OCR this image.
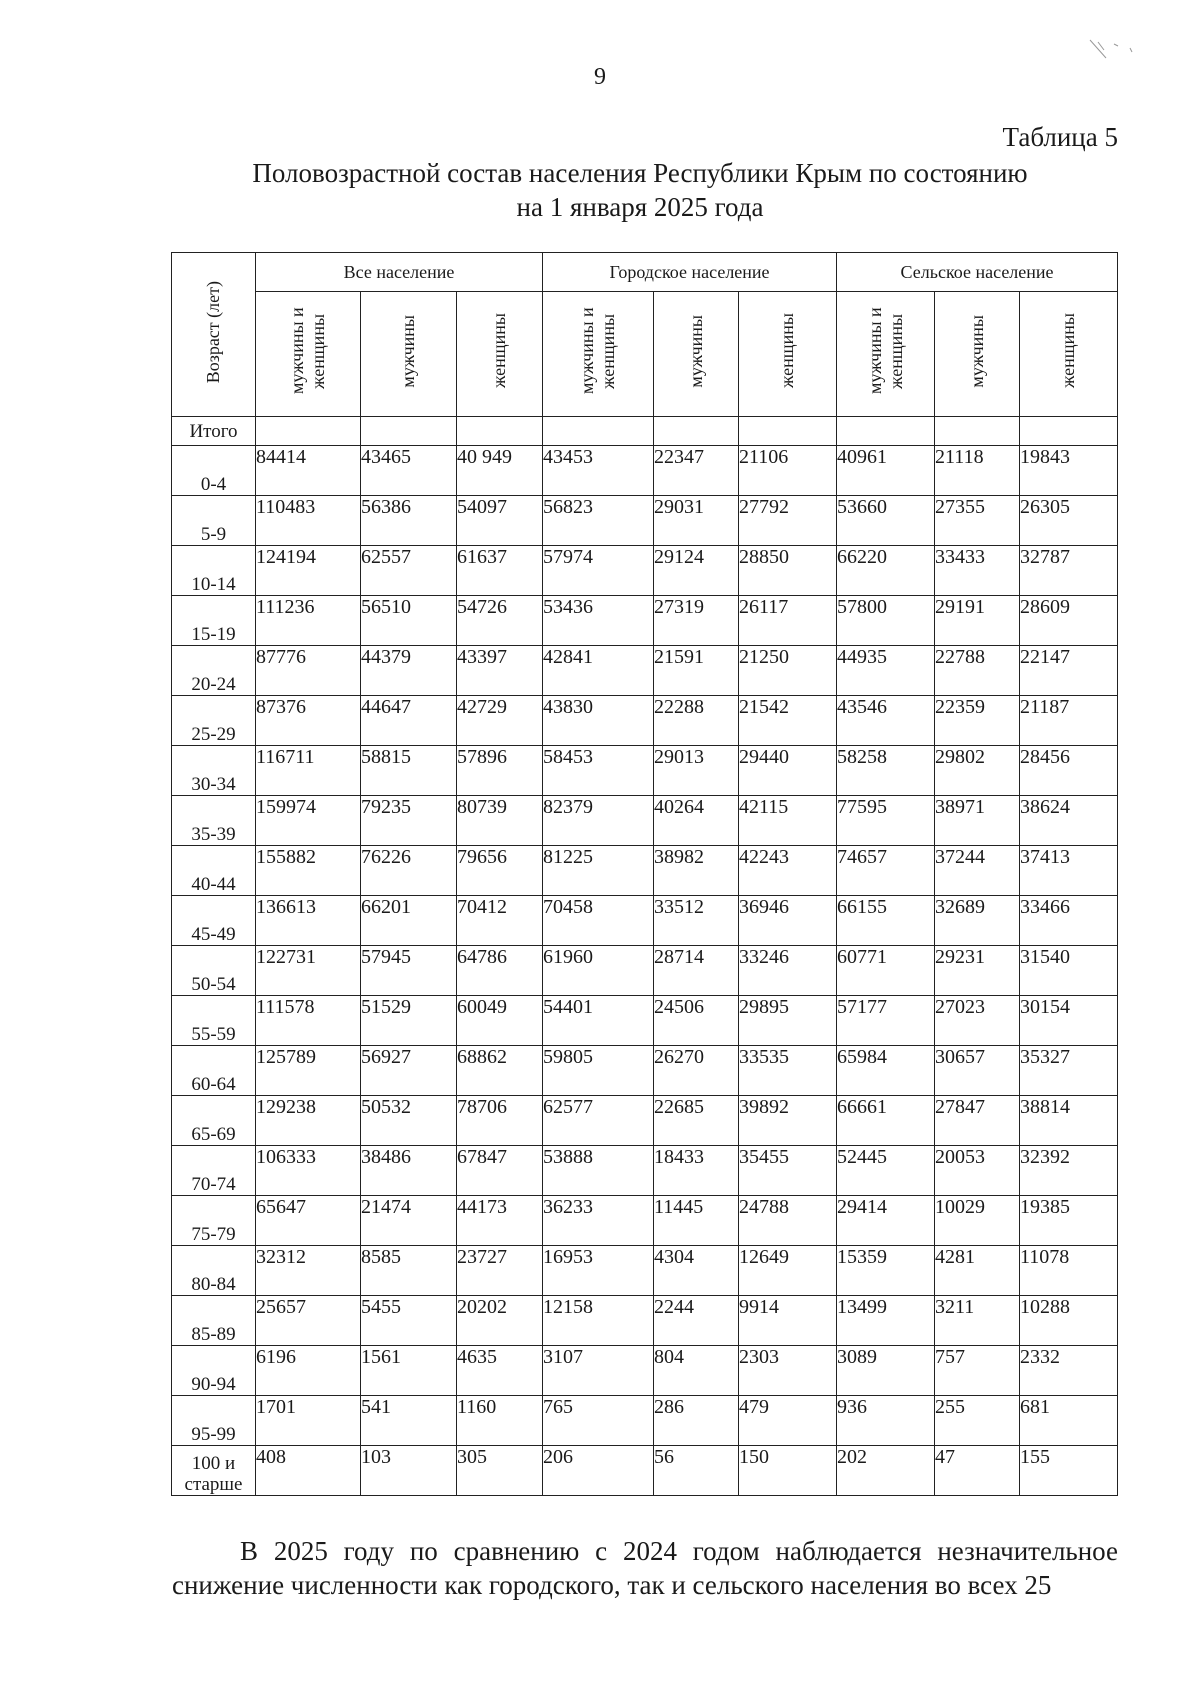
9
Таблица 5
Половозрастной состав населения Республики Крым по состоянию
на 1 января 2025 года
Возраст (лет)	Все население			Городское население			Сельское население		
	мужчины и женщины	мужчины	женщины	мужчины и женщины	мужчины	женщины	мужчины и женщины	мужчины	женщины
Итого									
0-4	84414	43465	40 949	43453	22347	21106	40961	21118	19843
5-9	110483	56386	54097	56823	29031	27792	53660	27355	26305
10-14	124194	62557	61637	57974	29124	28850	66220	33433	32787
15-19	111236	56510	54726	53436	27319	26117	57800	29191	28609
20-24	87776	44379	43397	42841	21591	21250	44935	22788	22147
25-29	87376	44647	42729	43830	22288	21542	43546	22359	21187
30-34	116711	58815	57896	58453	29013	29440	58258	29802	28456
35-39	159974	79235	80739	82379	40264	42115	77595	38971	38624
40-44	155882	76226	79656	81225	38982	42243	74657	37244	37413
45-49	136613	66201	70412	70458	33512	36946	66155	32689	33466
50-54	122731	57945	64786	61960	28714	33246	60771	29231	31540
55-59	111578	51529	60049	54401	24506	29895	57177	27023	30154
60-64	125789	56927	68862	59805	26270	33535	65984	30657	35327
65-69	129238	50532	78706	62577	22685	39892	66661	27847	38814
70-74	106333	38486	67847	53888	18433	35455	52445	20053	32392
75-79	65647	21474	44173	36233	11445	24788	29414	10029	19385
80-84	32312	8585	23727	16953	4304	12649	15359	4281	11078
85-89	25657	5455	20202	12158	2244	9914	13499	3211	10288
90-94	6196	1561	4635	3107	804	2303	3089	757	2332
95-99	1701	541	1160	765	286	479	936	255	681
100 и старше	408	103	305	206	56	150	202	47	155
В 2025 году по сравнению с 2024 годом наблюдается незначительное снижение численности как городского, так и сельского населения во всех 25
